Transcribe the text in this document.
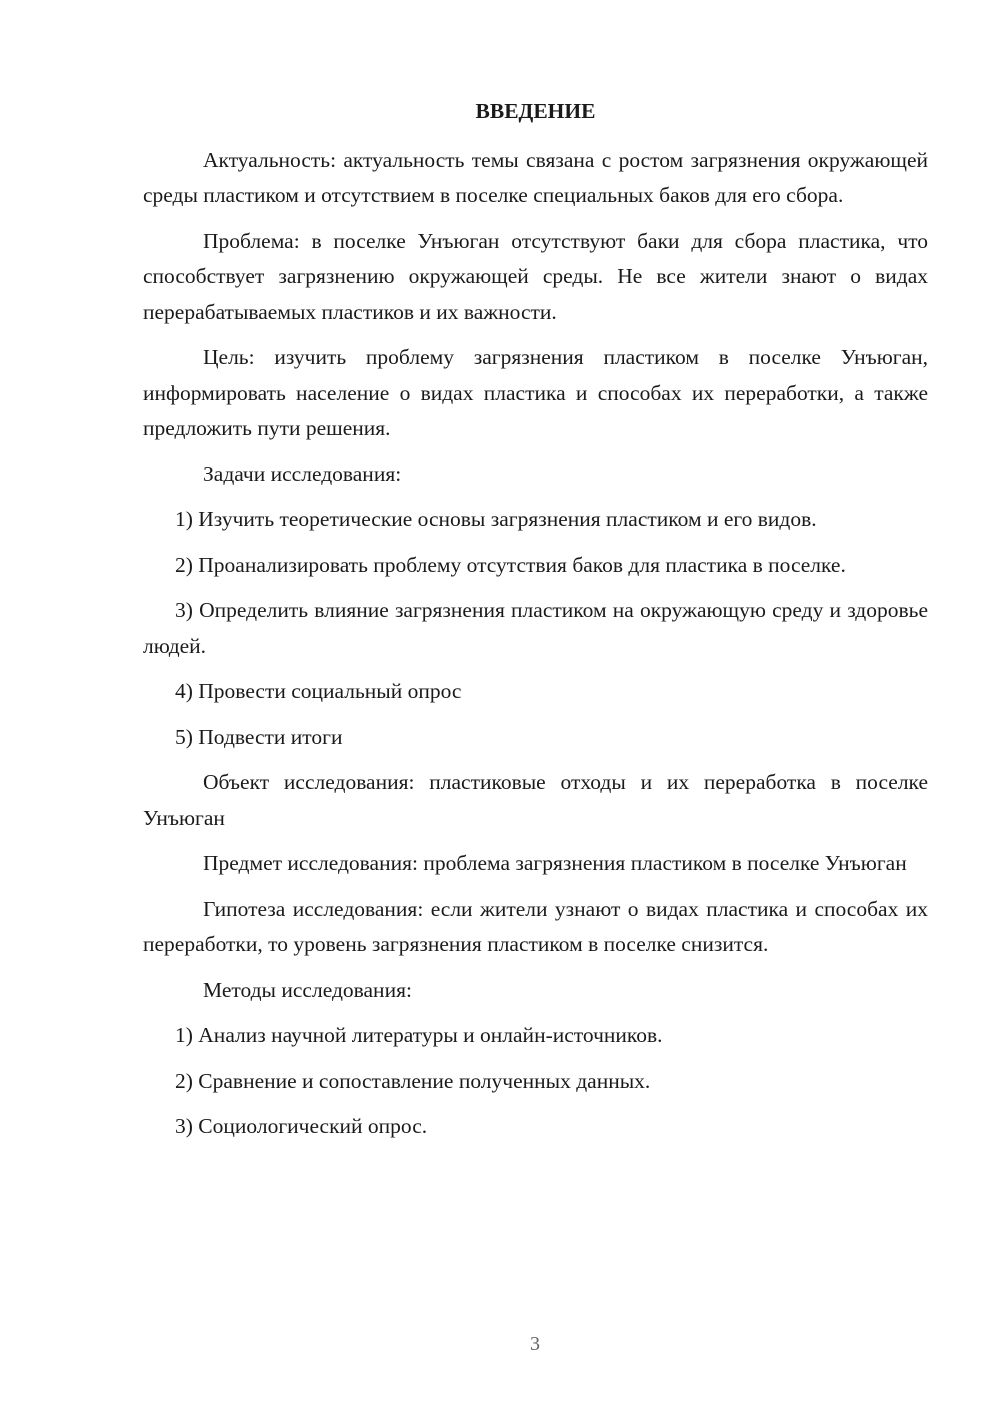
ВВЕДЕНИЕ

Актуальность: актуальность темы связана с ростом загрязнения окружающей среды пластиком и отсутствием в поселке специальных баков для его сбора.

Проблема: в поселке Унъюган отсутствуют баки для сбора пластика, что способствует загрязнению окружающей среды. Не все жители знают о видах перерабатываемых пластиков и их важности.

Цель: изучить проблему загрязнения пластиком в поселке Унъюган, информировать население о видах пластика и способах их переработки, а также предложить пути решения.

Задачи исследования:

1) Изучить теоретические основы загрязнения пластиком и его видов.

2) Проанализировать проблему отсутствия баков для пластика в поселке.

3) Определить влияние загрязнения пластиком на окружающую среду и здоровье людей.

4) Провести социальный опрос

5) Подвести итоги

Объект исследования: пластиковые отходы и их переработка в поселке Унъюган

Предмет исследования: проблема загрязнения пластиком в поселке Унъюган

Гипотеза исследования: если жители узнают о видах пластика и способах их переработки, то уровень загрязнения пластиком в поселке снизится.

Методы исследования:

1) Анализ научной литературы и онлайн-источников.

2) Сравнение и сопоставление полученных данных.

3) Социологический опрос.

3
